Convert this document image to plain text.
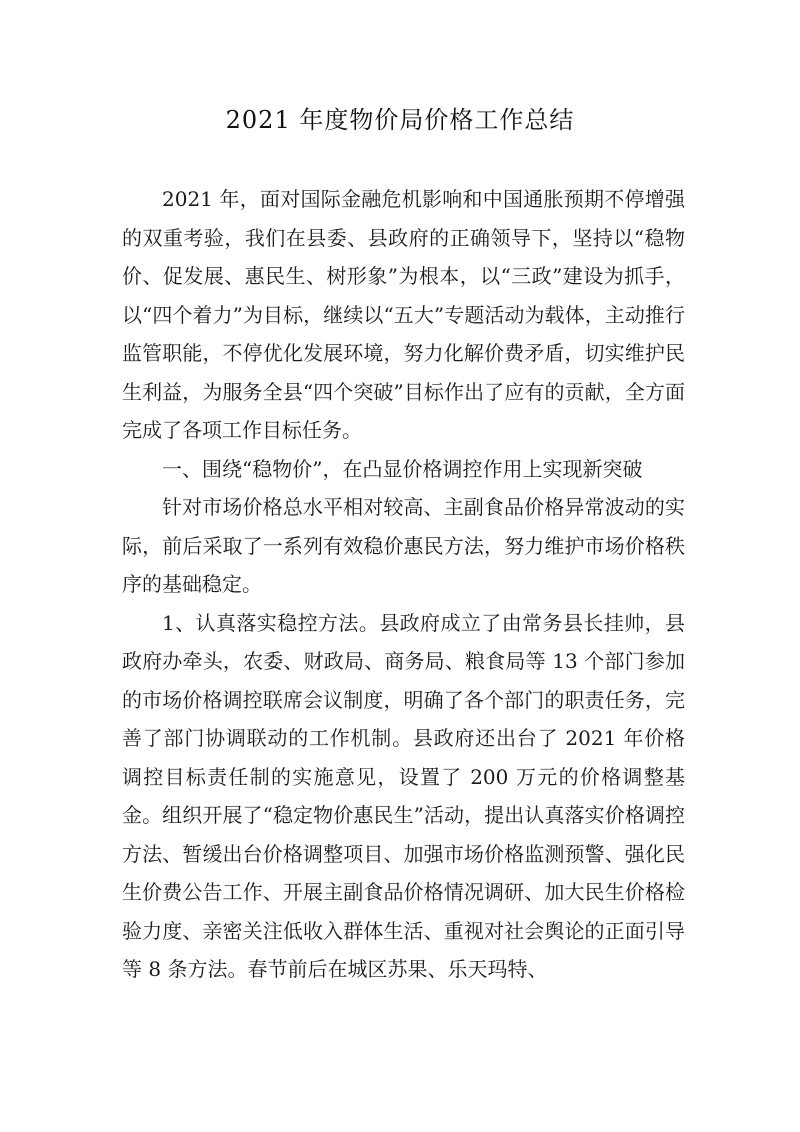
2021 年度物价局价格工作总结

2021 年，面对国际金融危机影响和中国通胀预期不停增强的双重考验，我们在县委、县政府的正确领导下，坚持以“稳物价、促发展、惠民生、树形象”为根本，以“三政”建设为抓手，以“四个着力”为目标，继续以“五大”专题活动为载体，主动推行监管职能，不停优化发展环境，努力化解价费矛盾，切实维护民生利益，为服务全县“四个突破”目标作出了应有的贡献，全方面完成了各项工作目标任务。

一、围绕“稳物价”，在凸显价格调控作用上实现新突破

针对市场价格总水平相对较高、主副食品价格异常波动的实际，前后采取了一系列有效稳价惠民方法，努力维护市场价格秩序的基础稳定。

1、认真落实稳控方法。县政府成立了由常务县长挂帅，县政府办牵头，农委、财政局、商务局、粮食局等 13 个部门参加的市场价格调控联席会议制度，明确了各个部门的职责任务，完善了部门协调联动的工作机制。县政府还出台了 2021 年价格调控目标责任制的实施意见，设置了 200 万元的价格调整基金。组织开展了“稳定物价惠民生”活动，提出认真落实价格调控方法、暂缓出台价格调整项目、加强市场价格监测预警、强化民生价费公告工作、开展主副食品价格情况调研、加大民生价格检验力度、亲密关注低收入群体生活、重视对社会舆论的正面引导等 8 条方法。春节前后在城区苏果、乐天玛特、
